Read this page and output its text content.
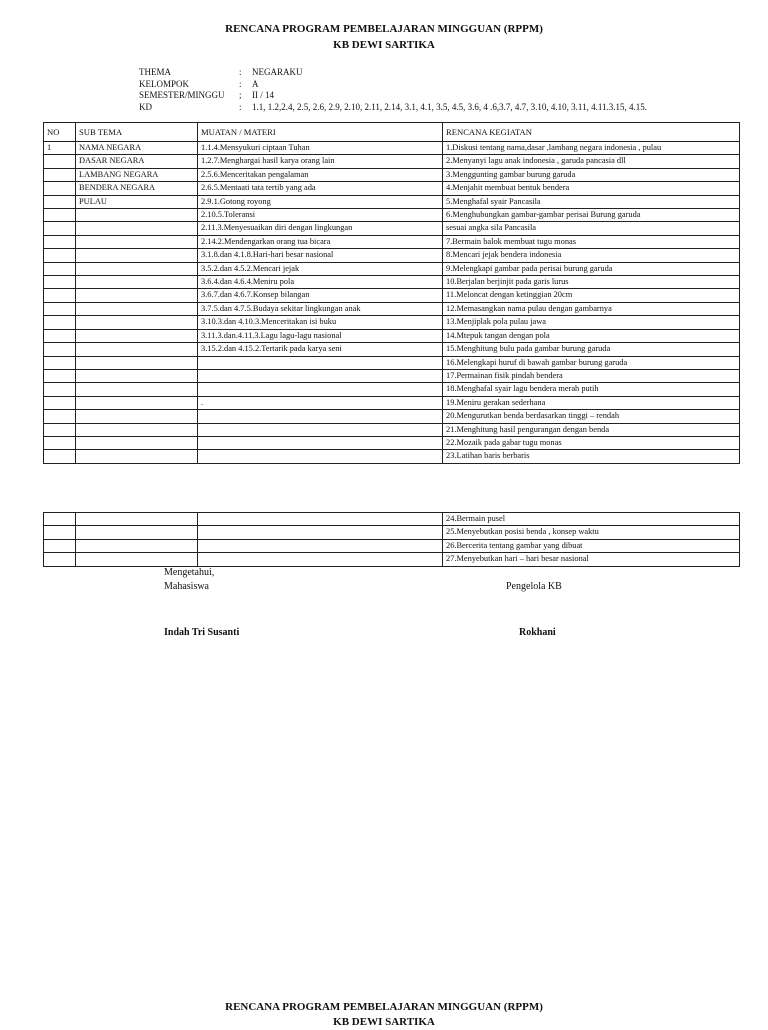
RENCANA PROGRAM PEMBELAJARAN MINGGUAN (RPPM)

KB DEWI SARTIKA

THEMA	:	NEGARAKU
KELOMPOK	:	A
SEMESTER/MINGGU	;	II / 14
KD	:	1.1, 1.2,2.4, 2.5, 2.6, 2.9, 2.10, 2.11, 2.14, 3.1, 4.1, 3.5, 4.5, 3.6, 4 .6,3.7, 4.7, 3.10, 4.10, 3.11, 4.11.3.15, 4.15.
NO	SUB TEMA	MUATAN / MATERI	RENCANA KEGIATAN
1	NAMA NEGARA	1.1.4.Mensyukuri ciptaan Tuhan	1.Diskusi tentang nama,dasar ,lambang negara indonesia , pulau
	DASAR NEGARA	1.2.7.Menghargai hasil karya orang lain	2.Menyanyi lagu anak indonesia , garuda pancasia dll
	LAMBANG NEGARA	2.5.6.Menceritakan pengalaman	3.Menggunting gambar burung garuda
	BENDERA NEGARA	2.6.5.Mentaati tata tertib yang ada	4.Menjahit membuat bentuk bendera
	PULAU	2.9.1.Gotong royong	5.Menghafal syair Pancasila
		2.10.5.Toleransi	6.Menghubungkan gambar-gambar perisai Burung garuda
		2.11.3.Menyesuaikan diri dengan lingkungan	sesuai angka sila Pancasila
		2.14.2.Mendengarkan orang tua bicara	7.Bermain balok membuat tugu monas
		3.1.8.dan 4.1.8.Hari-hari besar nasional	8.Mencari jejak bendera indonesia
		3.5.2.dan 4.5.2.Mencari jejak	9.Melengkapi gambar pada perisai burung garuda
		3.6.4.dan 4.6.4.Meniru pola	10.Berjalan berjinjit pada garis lurus
		3.6.7.dan 4.6.7.Konsep bilangan	11.Meloncat dengan ketinggian 20cm
		3.7.5.dan 4.7.5.Budaya sekitar lingkungan anak	12.Memasangkan nama pulau dengan gambarnya
		3.10.3.dan 4.10.3.Menceritakan isi buku	13.Menjiplak pola pulau jawa
		3.11.3.dan.4.11.3.Lagu lagu-lagu nasional	14.Mtepuk tangan dengan pola
		3.15.2.dan 4.15.2.Tertarik pada karya seni	15.Menghitung bulu pada gambar burung garuda
			16.Melengkapi huruf di bawah gambar burung garuda
			17.Permainan fisik pindah bendera
			18.Menghafal syair lagu bendera merah putih
		.	19.Meniru gerakan sederhana
			20.Mengurutkan benda berdasarkan tinggi – rendah
			21.Menghitung hasil pengurangan dengan benda
			22.Mozaik pada gabar tugu monas
			23.Latihan baris berbaris
			24.Bermain pusel
			25.Menyebutkan posisi benda , konsep waktu
			26.Bercerita tentang gambar yang dibuat
			27.Menyebutkan hari – hari besar nasional
Mengetahui,
Mahasiswa	Pengelola KB
Indah Tri Susanti	Rokhani

RENCANA PROGRAM PEMBELAJARAN MINGGUAN (RPPM)

KB DEWI SARTIKA
